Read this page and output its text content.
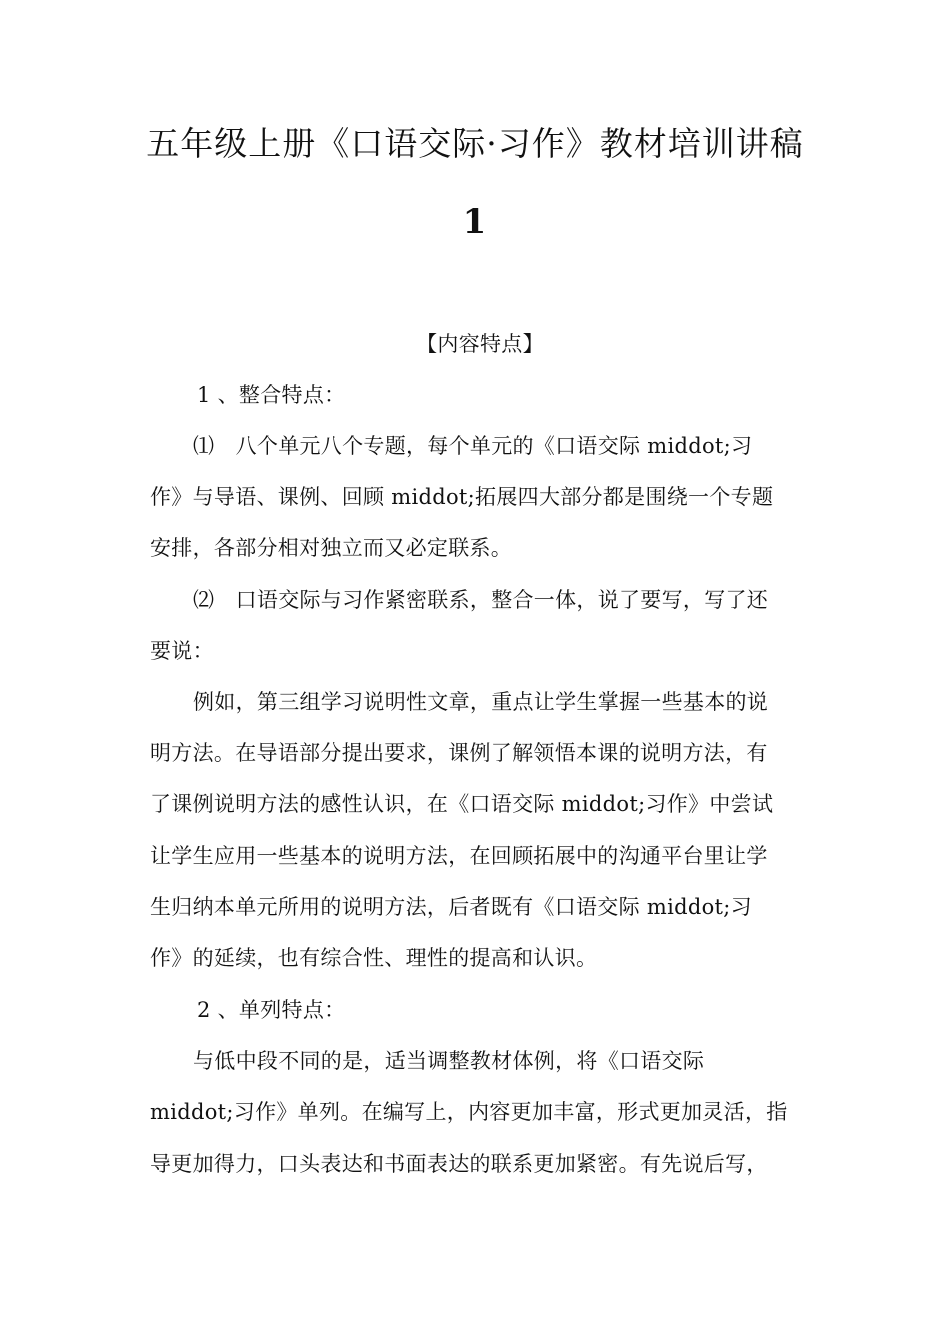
五年级上册《口语交际·习作》教材培训讲稿
1
【内容特点】
1 、整合特点：
⑴　八个单元八个专题，每个单元的《口语交际 middot;习
作》与导语、课例、回顾 middot;拓展四大部分都是围绕一个专题
安排，各部分相对独立而又必定联系。
⑵　口语交际与习作紧密联系，整合一体，说了要写，写了还
要说：
例如，第三组学习说明性文章，重点让学生掌握一些基本的说
明方法。在导语部分提出要求，课例了解领悟本课的说明方法，有
了课例说明方法的感性认识，在《口语交际 middot;习作》中尝试
让学生应用一些基本的说明方法，在回顾拓展中的沟通平台里让学
生归纳本单元所用的说明方法，后者既有《口语交际 middot;习
作》的延续，也有综合性、理性的提高和认识。
2 、单列特点：
与低中段不同的是，适当调整教材体例，将《口语交际
middot;习作》单列。在编写上，内容更加丰富，形式更加灵活，指
导更加得力，口头表达和书面表达的联系更加紧密。有先说后写，
